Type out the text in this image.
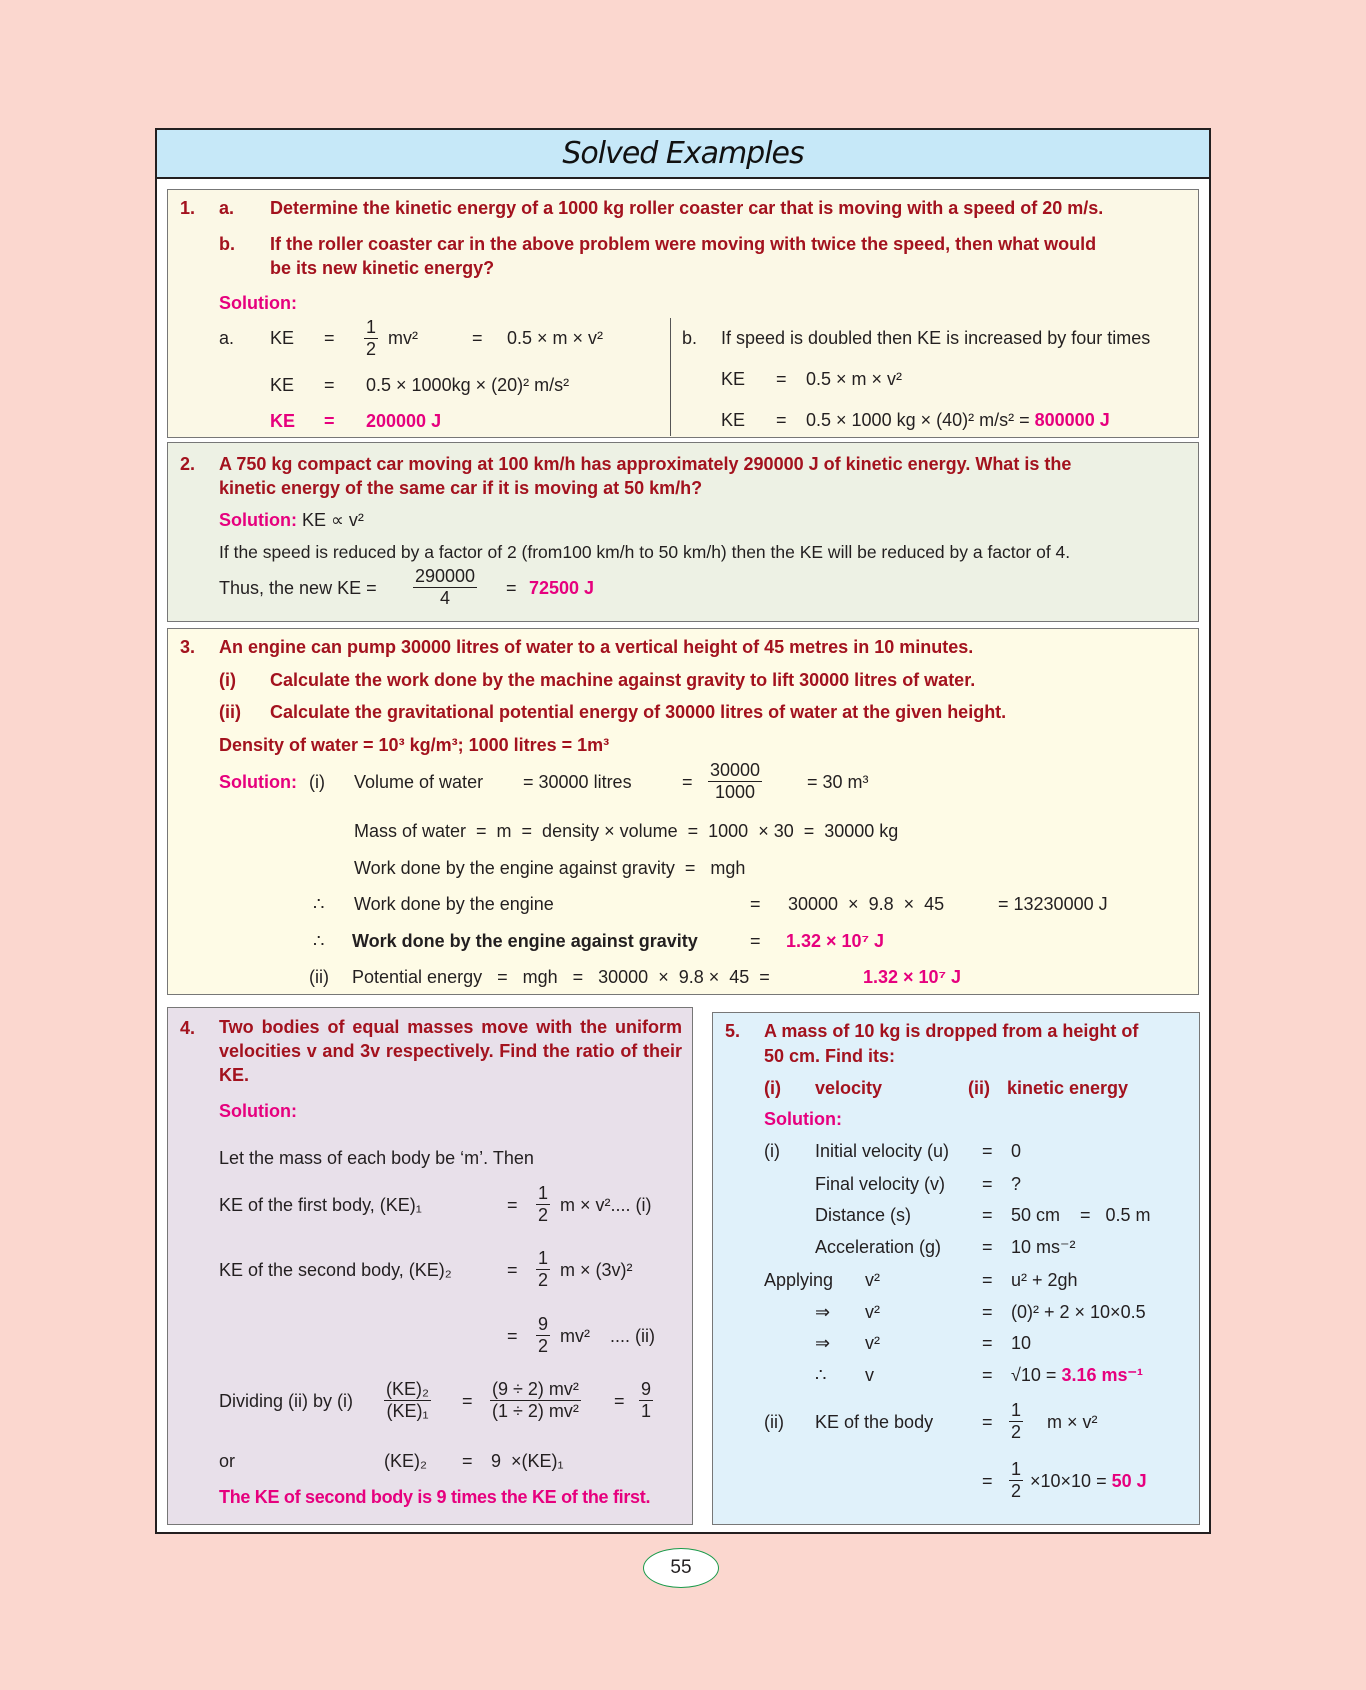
Solved Examples
1. a. Determine the kinetic energy of a 1000 kg roller coaster car that is moving with a speed of 20 m/s.
b. If the roller coaster car in the above problem were moving with twice the speed, then what would
be its new kinetic energy?
Solution:
a. KE = $\frac{1}{2} mv^2$	= 0.5 × m × v²
KE = 0.5 × 1000kg × (20)² m/s²
KE = 200000 J
b. If speed is doubled then KE is increased by four times
KE = 0.5 × m × v²
KE = 0.5 × 1000 kg × (40)² m/s² = 800000 J
2. A 750 kg compact car moving at 100 km/h has approximately 290000 J of kinetic energy. What is the
kinetic energy of the same car if it is moving at 50 km/h?
Solution: KE ∝ v²
If the speed is reduced by a factor of 2 (from100 km/h to 50 km/h) then the KE will be reduced by a factor of 4.
Thus, the new KE = $\frac{290000}{4} = 72500$ J
3. An engine can pump 30000 litres of water to a vertical height of 45 metres in 10 minutes.
(i) Calculate the work done by the machine against gravity to lift 30000 litres of water.
(ii) Calculate the gravitational potential energy of 30000 litres of water at the given height.
Density of water = 10³ kg/m³; 1000 litres = 1m³
Solution: (i) Volume of water = 30000 litres	= $\frac{30000}{1000} = 30$ m³
Mass of water  =  m  =  density × volume  =  1000  × 30  =  30000 kg
Work done by the engine against gravity  =   mgh
∴ Work done by the engine	= 30000  ×  9.8  ×  45	= 13230000 J
∴ Work done by the engine against gravity	= 1.32 × 10⁷ J
(ii) Potential energy   =   mgh   =   30000  ×  9.8 ×  45  =	1.32 × 10⁷ J
4. Two bodies of equal masses move with the uniform velocities v and 3v respectively. Find the ratio of their KE.
Solution:
Let the mass of each body be ‘m’. Then
KE of the first body, (KE)₁	= $\frac{1}{2}$ m × v².... (i)
KE of the second body, (KE)₂	= $\frac{1}{2}$ m × (3v)²
= $\frac{9}{2} mv^2$    .... (ii)
Dividing (ii) by $(i) \frac{\text{(KE)₂}}{\text{(KE)₁}} = \frac{\text{(9 ÷ 2) mv²}}{\text{(1 ÷ 2) mv²}} = \frac{9}{1}$
or	(KE)₂ = 9  ×(KE)₁
The KE of second body is 9 times the KE of the first.
5. A mass of 10 kg is dropped from a height of
50 cm. Find its:
(i) velocity	(ii) kinetic energy
Solution:
(i) Initial velocity (u) = 0
Final velocity (v) = ?
Distance (s)	= 50 cm    =   0.5 m
Acceleration (g) = 10 ms⁻²
Applying v²	= u² + 2gh
⇒ v²	= (0)² + 2 × 10×0.5
⇒ v²	= 10
∴ v	= √10 = 3.16 ms⁻¹
(ii) KE of the body	= $\frac{1}{2}$ m × v²
= $\frac{1}{2} \times 10\times 10 = 50$ J
55
